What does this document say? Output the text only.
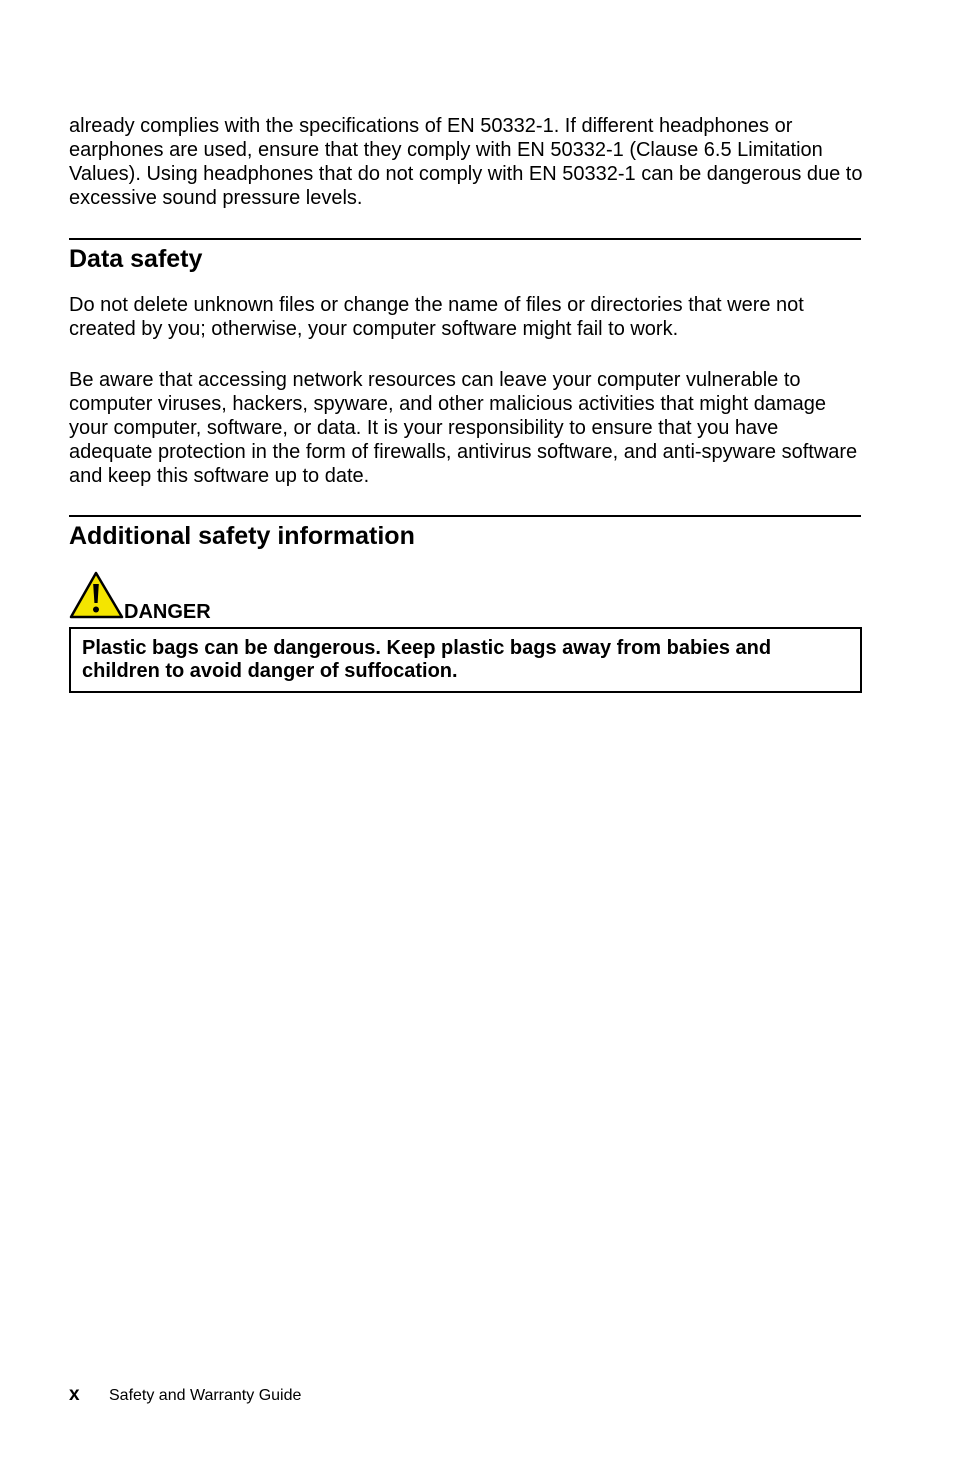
already complies with the specifications of EN 50332-1. If different headphones or earphones are used, ensure that they comply with EN 50332-1 (Clause 6.5 Limitation Values). Using headphones that do not comply with EN 50332-1 can be dangerous due to excessive sound pressure levels.

Data safety

Do not delete unknown files or change the name of files or directories that were not created by you; otherwise, your computer software might fail to work.

Be aware that accessing network resources can leave your computer vulnerable to computer viruses, hackers, spyware, and other malicious activities that might damage your computer, software, or data. It is your responsibility to ensure that you have adequate protection in the form of firewalls, antivirus software, and anti-spyware software and keep this software up to date.

Additional safety information
DANGER
Plastic bags can be dangerous. Keep plastic bags away from babies and children to avoid danger of suffocation.
x Safety and Warranty Guide
